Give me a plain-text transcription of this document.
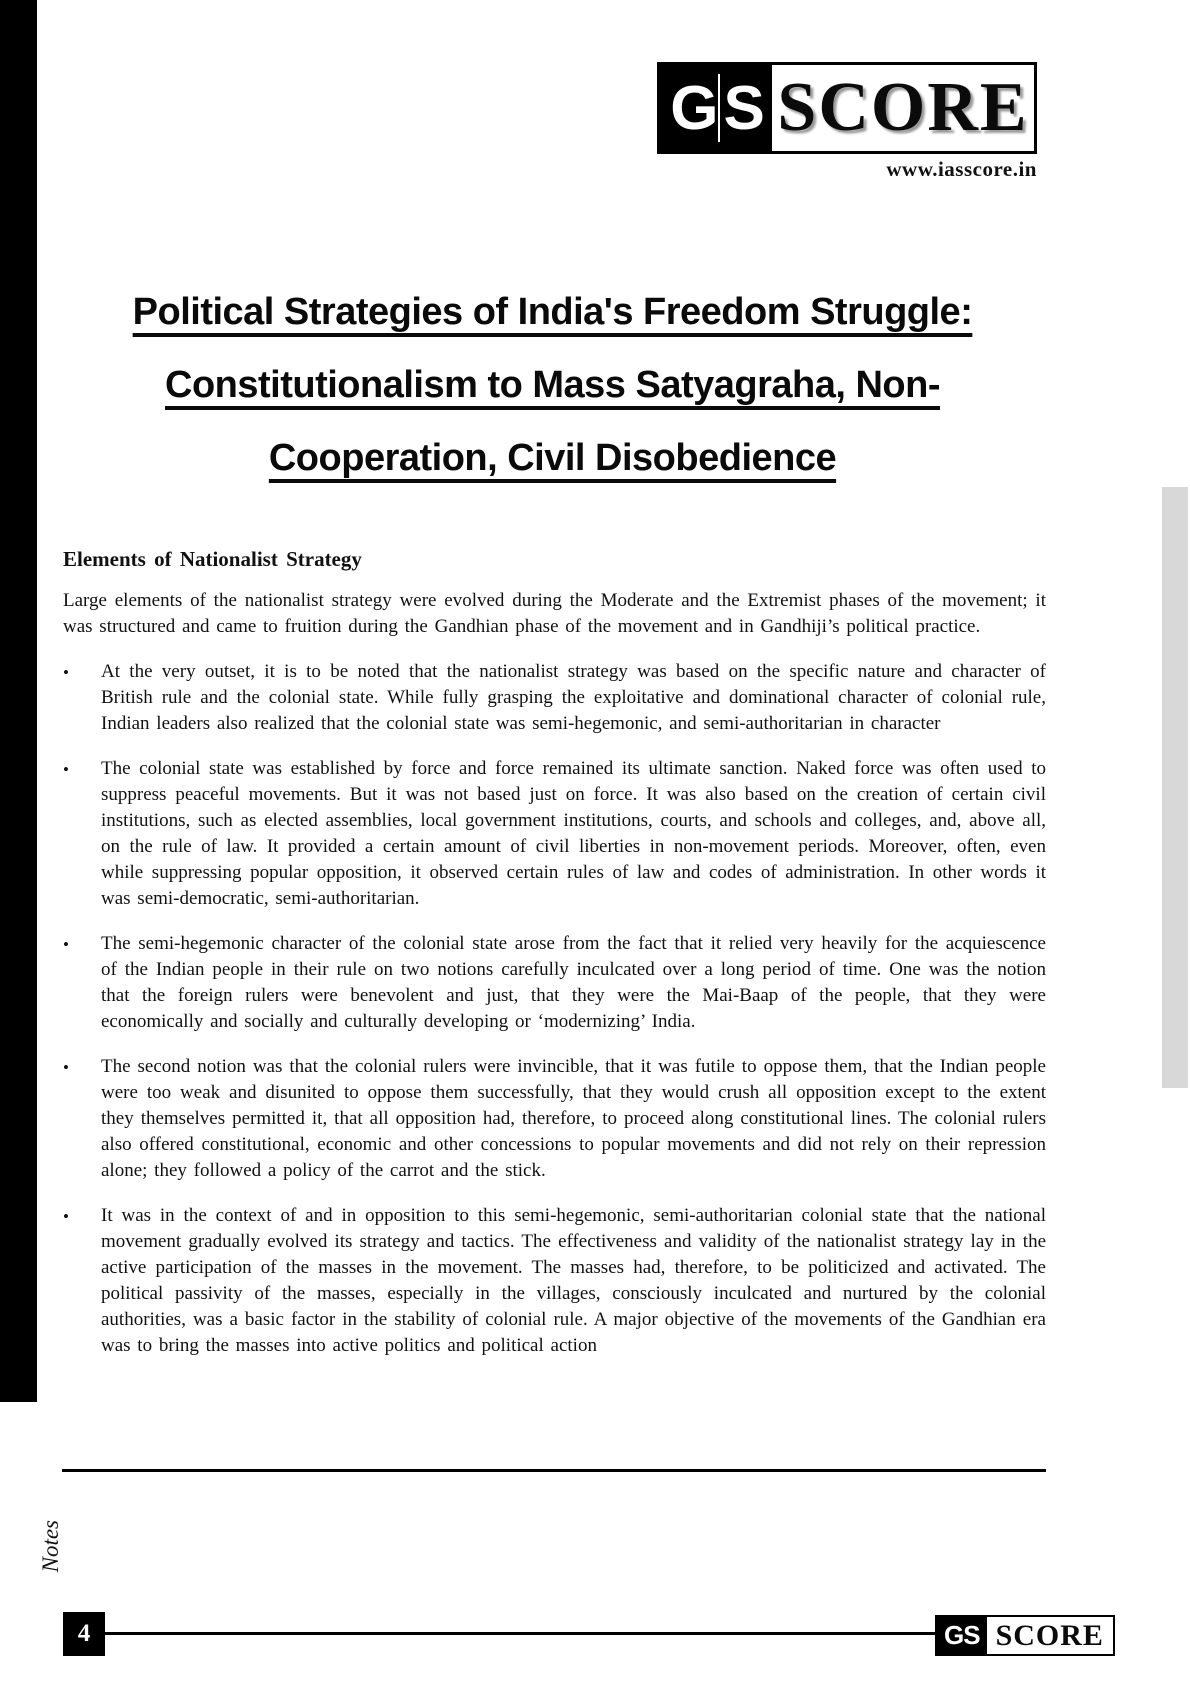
G S SCORE
www.iasscore.in
Political Strategies of India's Freedom Struggle:
Constitutionalism to Mass Satyagraha, Non-
Cooperation, Civil Disobedience
Elements of Nationalist Strategy

Large elements of the nationalist strategy were evolved during the Moderate and the Extremist phases of the movement; it was structured and came to fruition during the Gandhian phase of the movement and in Gandhiji’s political practice.

•	At the very outset, it is to be noted that the nationalist strategy was based on the specific nature and character of British rule and the colonial state. While fully grasping the exploitative and dominational character of colonial rule, Indian leaders also realized that the colonial state was semi-hegemonic, and semi-authoritarian in character
•	The colonial state was established by force and force remained its ultimate sanction. Naked force was often used to suppress peaceful movements. But it was not based just on force. It was also based on the creation of certain civil institutions, such as elected assemblies, local government institutions, courts, and schools and colleges, and, above all, on the rule of law. It provided a certain amount of civil liberties in non-movement periods. Moreover, often, even while suppressing popular opposition, it observed certain rules of law and codes of administration. In other words it was semi-democratic, semi-authoritarian.
•	The semi-hegemonic character of the colonial state arose from the fact that it relied very heavily for the acquiescence of the Indian people in their rule on two notions carefully inculcated over a long period of time. One was the notion that the foreign rulers were benevolent and just, that they were the Mai-Baap of the people, that they were economically and socially and culturally developing or ‘modernizing’ India.
•	The second notion was that the colonial rulers were invincible, that it was futile to oppose them, that the Indian people were too weak and disunited to oppose them successfully, that they would crush all opposition except to the extent they themselves permitted it, that all opposition had, therefore, to proceed along constitutional lines. The colonial rulers also offered constitutional, economic and other concessions to popular movements and did not rely on their repression alone; they followed a policy of the carrot and the stick.
•	It was in the context of and in opposition to this semi-hegemonic, semi-authoritarian colonial state that the national movement gradually evolved its strategy and tactics. The effectiveness and validity of the nationalist strategy lay in the active participation of the masses in the movement. The masses had, therefore, to be politicized and activated. The political passivity of the masses, especially in the villages, consciously inculcated and nurtured by the colonial authorities, was a basic factor in the stability of colonial rule. A major objective of the movements of the Gandhian era was to bring the masses into active politics and political action
Notes
4	GS SCORE
